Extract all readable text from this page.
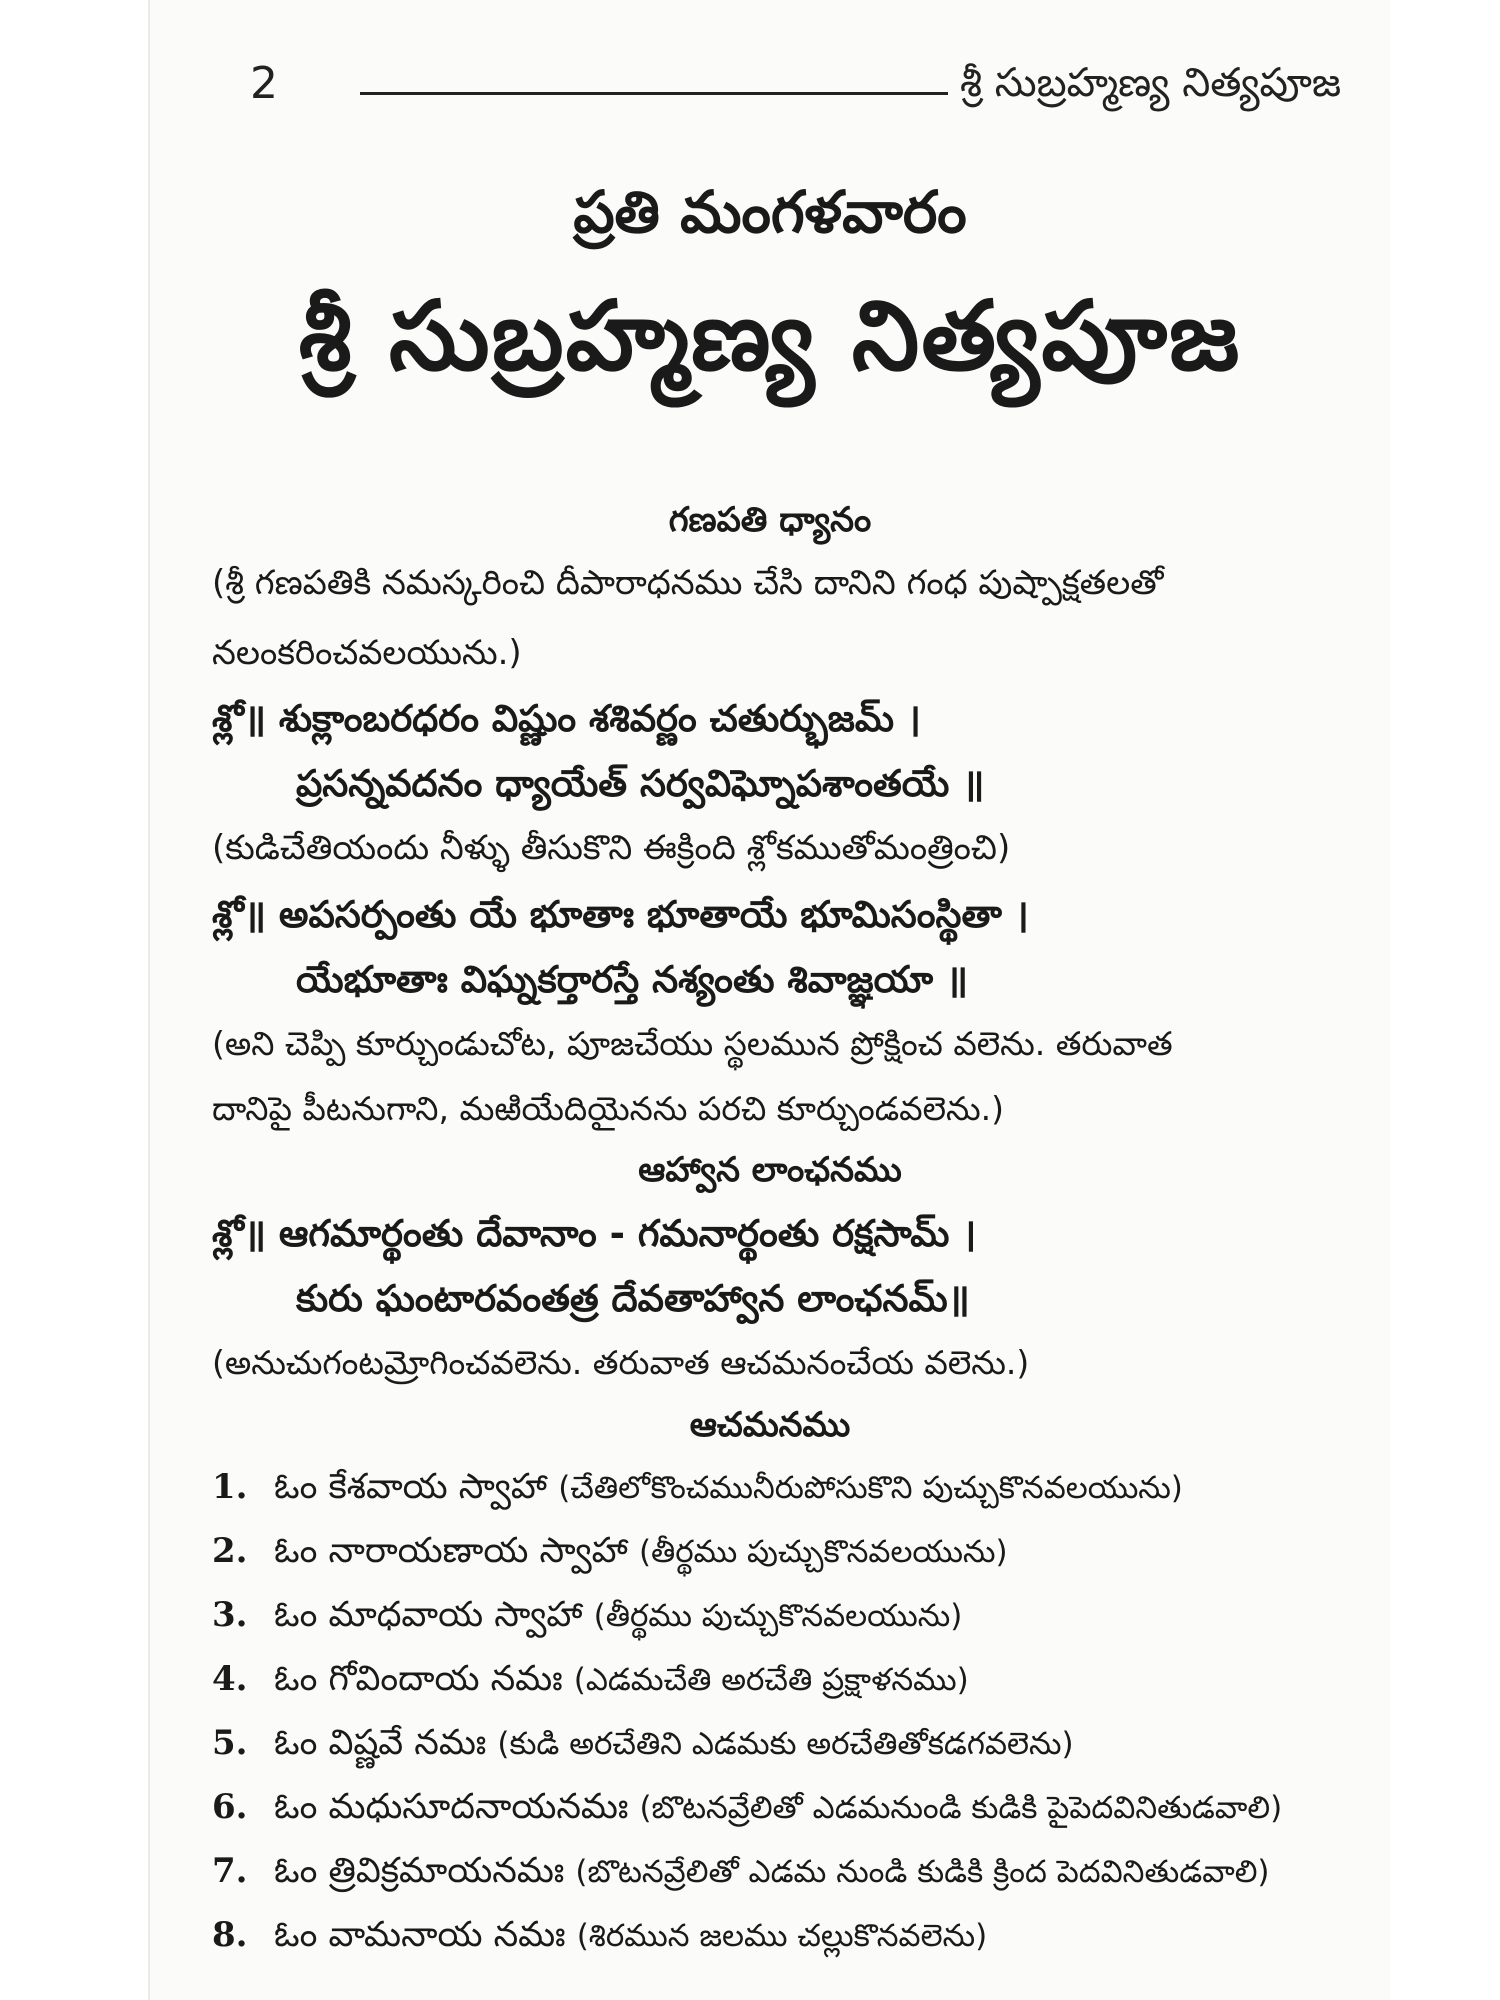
2	శ్రీ సుబ్రహ్మణ్య నిత్యపూజ
ప్రతి మంగళవారం
శ్రీ సుబ్రహ్మణ్య నిత్యపూజ
గణపతి ధ్యానం
(శ్రీ గణపతికి నమస్కరించి దీపారాధనము చేసి దానిని గంధ పుష్పాక్షతలతో
నలంకరించవలయును.)
శ్లో॥ శుక్లాంబరధరం విష్ణుం శశివర్ణం చతుర్భుజమ్ ।
ప్రసన్నవదనం ధ్యాయేత్ సర్వవిఘ్నోపశాంతయే ॥
(కుడిచేతియందు నీళ్ళు తీసుకొని ఈక్రింది శ్లోకముతోమంత్రించి)
శ్లో॥ అపసర్పంతు యే భూతాః భూతాయే భూమిసంస్థితా ।
యేభూతాః విఘ్నకర్తారస్తే నశ్యంతు శివాజ్ఞయా ॥
(అని చెప్పి కూర్చుండుచోట, పూజచేయు స్థలమున ప్రోక్షించ వలెను. తరువాత
దానిపై పీటనుగాని, మఱియేదియైనను పరచి కూర్చుండవలెను.)
ఆహ్వాన లాంఛనము
శ్లో॥ ఆగమార్థంతు దేవానాం - గమనార్థంతు రక్షసామ్ ।
కురు ఘంటారవంతత్ర దేవతాహ్వాన లాంఛనమ్॥
(అనుచుగంటమ్రోగించవలెను. తరువాత ఆచమనంచేయ వలెను.)
ఆచమనము
1. ఓం కేశవాయ స్వాహా (చేతిలోకొంచమునీరుపోసుకొని పుచ్చుకొనవలయును)
2. ఓం నారాయణాయ స్వాహా (తీర్థము పుచ్చుకొనవలయును)
3. ఓం మాధవాయ స్వాహా (తీర్థము పుచ్చుకొనవలయును)
4. ఓం గోవిందాయ నమః (ఎడమచేతి అరచేతి ప్రక్షాళనము)
5. ఓం విష్ణవే నమః (కుడి అరచేతిని ఎడమకు అరచేతితోకడగవలెను)
6. ఓం మధుసూదనాయనమః (బొటనవ్రేలితో ఎడమనుండి కుడికి పైపెదవినితుడవాలి)
7. ఓం త్రివిక్రమాయనమః (బొటనవ్రేలితో ఎడమ నుండి కుడికి క్రింద పెదవినితుడవాలి)
8. ఓం వామనాయ నమః (శిరమున జలము చల్లుకొనవలెను)
